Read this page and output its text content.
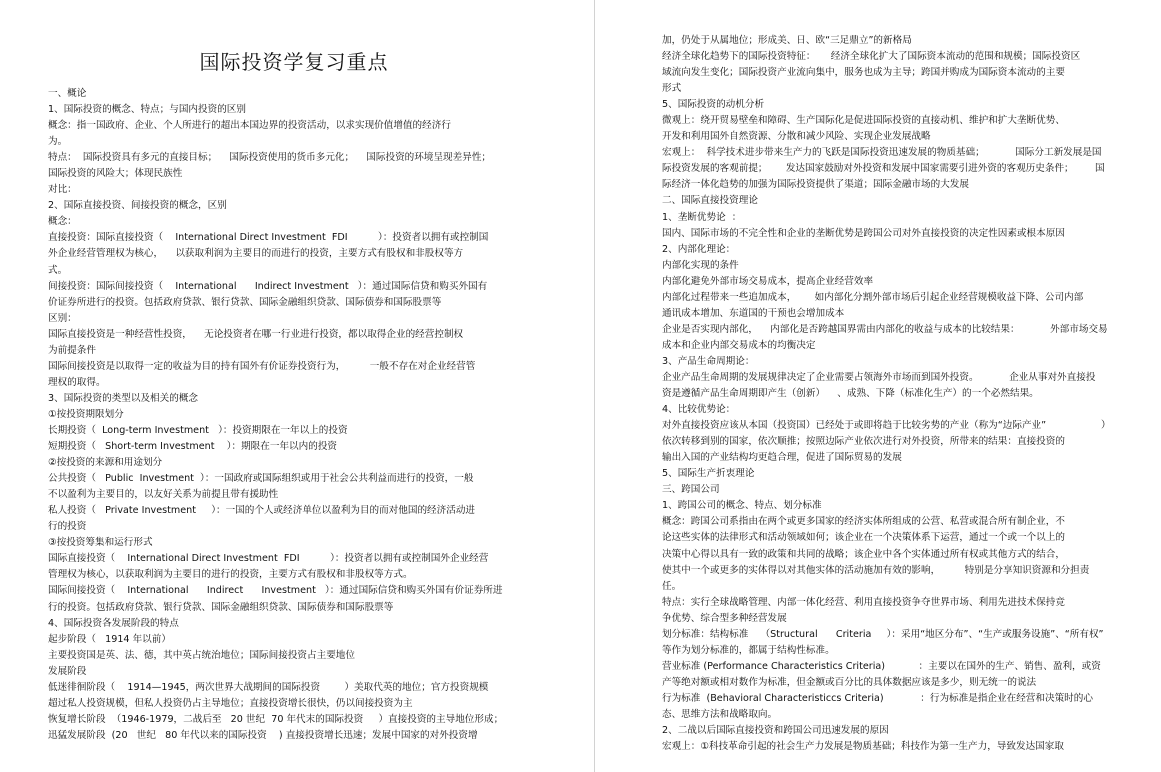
国际投资学复习重点
一、概论
1、国际投资的概念、特点；与国内投资的区别
概念：指一国政府、企业、个人所进行的超出本国边界的投资活动，以求实现价值增值的经济行
为。
特点：  国际投资具有多元的直接目标；    国际投资使用的货币多元化；    国际投资的环境呈现差异性；
国际投资的风险大；体现民族性
对比：
2、国际直接投资、间接投资的概念，区别
概念：
直接投资：国际直接投资（    International Direct Investment  FDI          ）：投资者以拥有或控制国
外企业经营管理权为核心，    以获取利润为主要目的而进行的投资，主要方式有股权和非股权等方
式。
间接投资：国际间接投资（    International      Indirect Investment   ）：通过国际信贷和购买外国有
价证券所进行的投资。包括政府贷款、银行贷款、国际金融组织贷款、国际债券和国际股票等
区别：
国际直接投资是一种经营性投资，    无论投资者在哪一行业进行投资，都以取得企业的经营控制权
为前提条件
国际间接投资是以取得一定的收益为目的持有国外有价证券投资行为，        一般不存在对企业经营管
理权的取得。
3、国际投资的类型以及相关的概念
①按投资期限划分
长期投资（  Long-term Investment   ）：投资期限在一年以上的投资
短期投资（   Short-term Investment    ）：期限在一年以内的投资
②按投资的来源和用途划分
公共投资（   Public  Investment  ）：一国政府或国际组织或用于社会公共利益而进行的投资，一般
不以盈利为主要目的，以友好关系为前提且带有援助性
私人投资（   Private Investment     ）：一国的个人或经济单位以盈利为目的而对他国的经济活动进
行的投资
③按投资筹集和运行形式
国际直接投资（    International Direct Investment  FDI          ）：投资者以拥有或控制国外企业经营
管理权为核心，以获取利润为主要目的进行的投资，主要方式有股权和非股权等方式。
国际间接投资（    International      Indirect      Investment   ）：通过国际信贷和购买外国有价证券所进
行的投资。包括政府贷款、银行贷款、国际金融组织贷款、国际债券和国际股票等
4、国际投资各发展阶段的特点
起步阶段（   1914 年以前）
主要投资国是英、法、德，其中英占统治地位；国际间接投资占主要地位
发展阶段
低迷徘徊阶段（    1914—1945，两次世界大战期间的国际投资        ）美取代英的地位；官方投资规模
超过私人投资规模，但私人投资仍占主导地位；直接投资增长很快，仍以间接投资为主
恢复增长阶段  （1946-1979，二战后至   20 世纪  70 年代末的国际投资     ）直接投资的主导地位形成；
迅猛发展阶段  (20   世纪   80 年代以来的国际投资    ) 直接投资增长迅速；发展中国家的对外投资增
加，仍处于从属地位；形成美、日、欧“三足鼎立”的新格局
经济全球化趋势下的国际投资特征：     经济全球化扩大了国际资本流动的范围和规模；国际投资区
域流向发生变化；国际投资产业流向集中，服务也成为主导；跨国并购成为国际资本流动的主要
形式
5、国际投资的动机分析
微观上：绕开贸易壁垒和障碍、生产国际化是促进国际投资的直接动机、维护和扩大垄断优势、
开发和利用国外自然资源、分散和减少风险、实现企业发展战略
宏观上：  科学技术进步带来生产力的飞跃是国际投资迅速发展的物质基础；          国际分工新发展是国
际投资发展的客观前提；      发达国家鼓励对外投资和发展中国家需要引进外资的客观历史条件；       国
际经济一体化趋势的加强为国际投资提供了渠道；国际金融市场的大发展
二、国际直接投资理论
1、垄断优势论  ：
国内、国际市场的不完全性和企业的垄断优势是跨国公司对外直接投资的决定性因素或根本原因
2、内部化理论：
内部化实现的条件
内部化避免外部市场交易成本，提高企业经营效率
内部化过程带来一些追加成本，      如内部化分割外部市场后引起企业经营规模收益下降、公司内部
通讯成本增加、东道国的干预也会增加成本
企业是否实现内部化，    内部化是否跨越国界需由内部化的收益与成本的比较结果：          外部市场交易
成本和企业内部交易成本的均衡决定
3、产品生命周期论：
企业产品生命周期的发展规律决定了企业需要占领海外市场而到国外投资。          企业从事对外直接投
资是遵循产品生命周期即产生（创新）    、成熟、下降（标准化生产）的一个必然结果。
4、比较优势论：
对外直接投资应该从本国（投资国）已经处于或即将趋于比较劣势的产业（称为“边际产业”                  ）
依次转移到别的国家，依次顺推；按照边际产业依次进行对外投资，所带来的结果：直接投资的
输出入国的产业结构均更趋合理，促进了国际贸易的发展
5、国际生产折衷理论
三、跨国公司
1、跨国公司的概念、特点、划分标准
概念：跨国公司系指由在两个或更多国家的经济实体所组成的公营、私营或混合所有制企业，不
论这些实体的法律形式和活动领域如何；该企业在一个决策体系下运营，通过一个或一个以上的
决策中心得以具有一致的政策和共同的战略；该企业中各个实体通过所有权或其他方式的结合，
使其中一个或更多的实体得以对其他实体的活动施加有效的影响，        特别是分享知识资源和分担责
任。
特点：实行全球战略管理、内部一体化经营、利用直接投资争夺世界市场、利用先进技术保持竞
争优势、综合型多种经营发展
划分标准：结构标准    （Structural      Criteria     ）：采用“地区分布”、“生产或服务设施”、“所有权”
等作为划分标准的，都属于结构性标准。
营业标准 (Performance Characteristics Criteria)           ：主要以在国外的生产、销售、盈利，或资
产等绝对额或相对数作为标准，但金额或百分比的具体数据应该是多少，则无统一的说法
行为标准  (Behavioral Characteristiccs Criteria)            ：行为标准是指企业在经营和决策时的心
态、思维方法和战略取向。
2、二战以后国际直接投资和跨国公司迅速发展的原因
宏观上：①科技革命引起的社会生产力发展是物质基础；科技作为第一生产力，导致发达国家取
